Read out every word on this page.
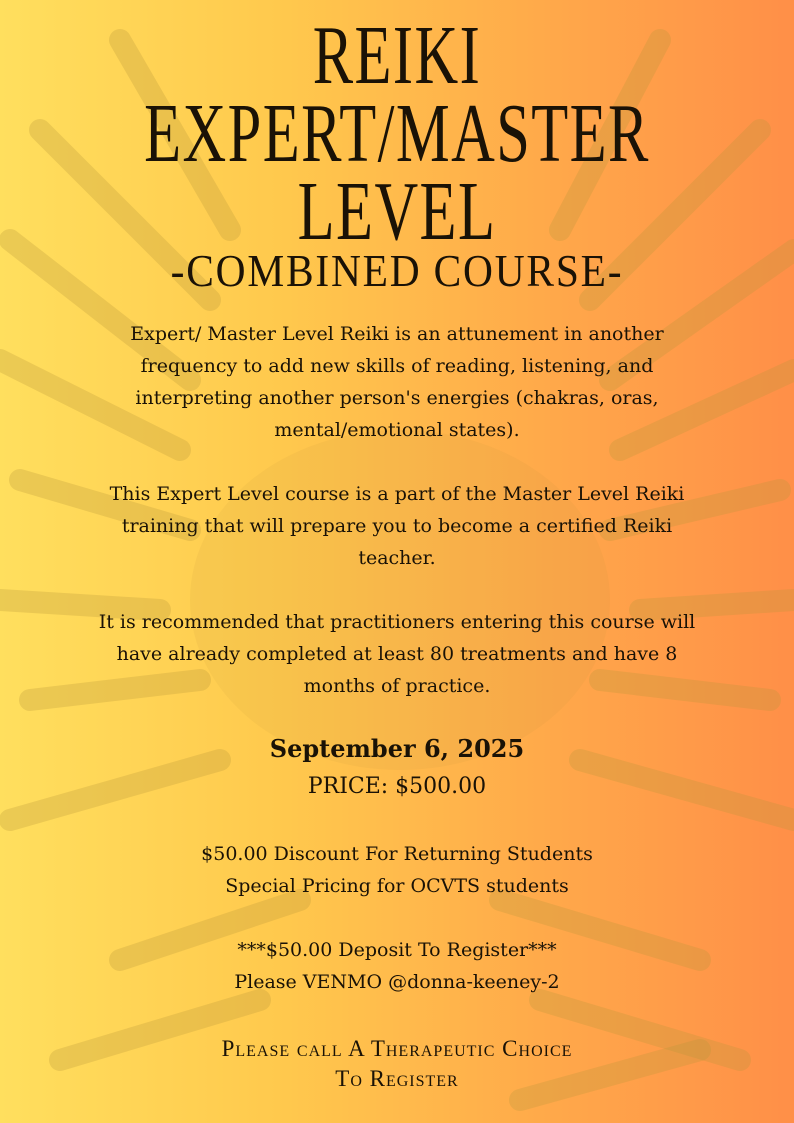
REIKI
EXPERT/MASTER
LEVEL
-COMBINED COURSE-

Expert/ Master Level Reiki is an attunement in another frequency to add new skills of reading, listening, and interpreting another person's energies (chakras, oras, mental/emotional states).

This Expert Level course is a part of the Master Level Reiki training that will prepare you to become a certified Reiki teacher.

It is recommended that practitioners entering this course will have already completed at least 80 treatments and have 8 months of practice.

September 6, 2025
PRICE: $500.00
$50.00 Discount For Returning Students
Special Pricing for OCVTS students
***$50.00 Deposit To Register***
Please VENMO @donna-keeney-2
Please call A Therapeutic Choice
To Register
